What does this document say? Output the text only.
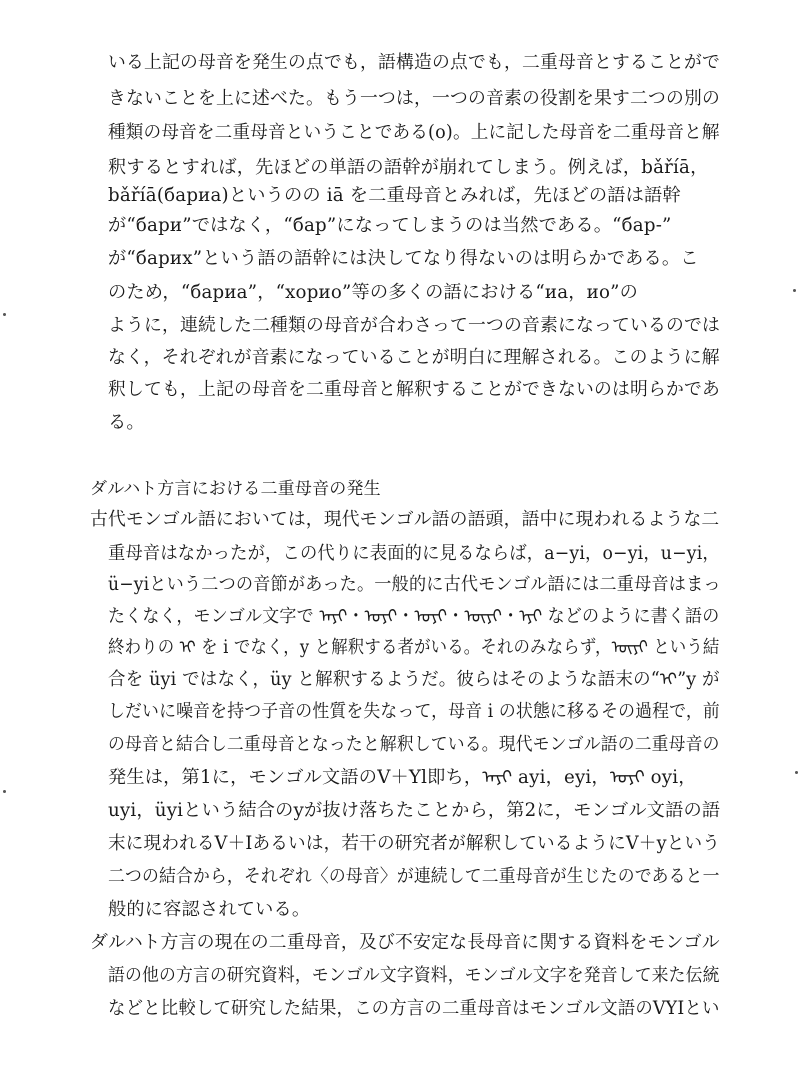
いる上記の母音を発生の点でも，語構造の点でも，二重母音とすることがで
きないことを上に述べた。もう一つは，一つの音素の役割を果す二つの別の
種類の母音を二重母音ということである(o)。上に記した母音を二重母音と解
釈するとすれば，先ほどの単語の語幹が崩れてしまう。例えば，bǎříā，
bǎříā(бариа)というのの iā を二重母音とみれば，先ほどの語は語幹
が“бари”ではなく，“бар”になってしまうのは当然である。“бар-”
が“барих”という語の語幹には決してなり得ないのは明らかである。こ
のため，“бариа”，“хорио”等の多くの語における“иа，ио”の
ように，連続した二種類の母音が合わさって一つの音素になっているのでは
なく，それぞれが音素になっていることが明白に理解される。このように解
釈しても，上記の母音を二重母音と解釈することができないのは明らかであ
る。
ダルハト方言における二重母音の発生
古代モンゴル語においては，現代モンゴル語の語頭，語中に現われるような二
重母音はなかったが，この代りに表面的に見るならば，a−yi，o−yi，u−yi，
ü−yiという二つの音節があった。一般的に古代モンゴル語には二重母音はまっ
たくなく，モンゴル文字で ᠠᠶᠢ・ᠣᠶᠢ・ᠤᠶᠢ・ᠦᠶᠢ・ᠡᠶᠢ などのように書く語の
終わりの ᠢ を i でなく，y と解釈する者がいる。それのみならず，ᠦᠶᠢ という結
合を üyi ではなく，üy と解釈するようだ。彼らはそのような語末の“ᠢ”y が
しだいに噪音を持つ子音の性質を失なって，母音 i の状態に移るその過程で，前
の母音と結合し二重母音となったと解釈している。現代モンゴル語の二重母音の
発生は，第1に，モンゴル文語のV＋Yl即ち，ᠠᠶᠢ ayi，eyi，ᠣᠶᠢ oyi，
uyi，üyiという結合のyが抜け落ちたことから，第2に，モンゴル文語の語
末に現われるV＋Iあるいは，若干の研究者が解釈しているようにV＋yという
二つの結合から，それぞれ〈の母音〉が連続して二重母音が生じたのであると一
般的に容認されている。
ダルハト方言の現在の二重母音，及び不安定な長母音に関する資料をモンゴル
語の他の方言の研究資料，モンゴル文字資料，モンゴル文字を発音して来た伝統
などと比較して研究した結果，この方言の二重母音はモンゴル文語のVYIとい
